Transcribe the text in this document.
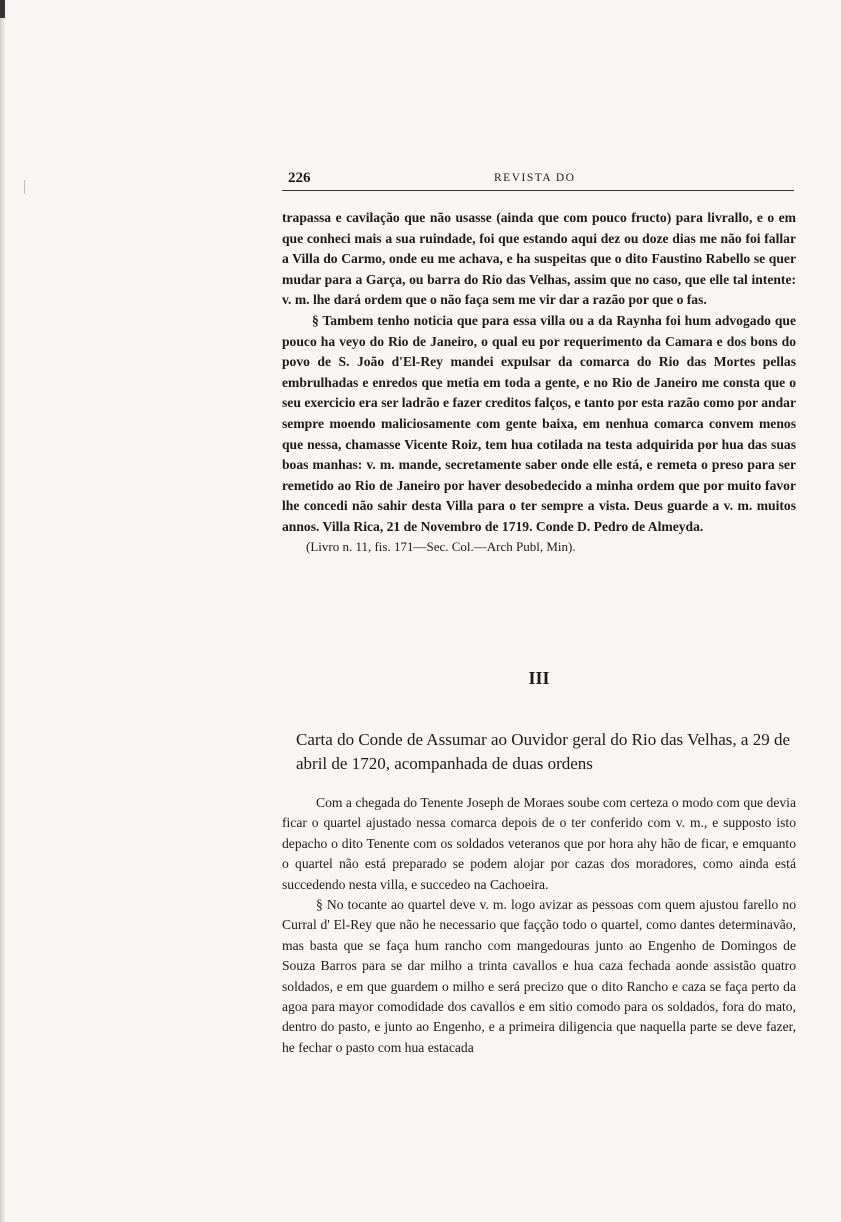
226	REVISTA DO

trapassa e cavilação que não usasse (ainda que com pouco fructo) para livrallo, e o em que conheci mais a sua ruindade, foi que estando aqui dez ou doze dias me não foi fallar a Villa do Carmo, onde eu me achava, e ha suspeitas que o dito Faustino Rabello se quer mudar para a Garça, ou barra do Rio das Velhas, assim que no caso, que elle tal intente: v. m. lhe dará ordem que o não faça sem me vir dar a razão por que o fas.

§ Tambem tenho noticia que para essa villa ou a da Raynha foi hum advogado que pouco ha veyo do Rio de Janeiro, o qual eu por requerimento da Camara e dos bons do povo de S. João d'El-Rey mandei expulsar da comarca do Rio das Mortes pellas embrulhadas e enredos que metia em toda a gente, e no Rio de Janeiro me consta que o seu exercicio era ser ladrão e fazer creditos falços, e tanto por esta razão como por andar sempre moendo maliciosamente com gente baixa, em nenhua comarca convem menos que nessa, chamasse Vicente Roiz, tem hua cotilada na testa adquirida por hua das suas boas manhas: v. m. mande, secretamente saber onde elle está, e remeta o preso para ser remetido ao Rio de Janeiro por haver desobedecido a minha ordem que por muito favor lhe concedi não sahir desta Villa para o ter sempre a vista. Deus guarde a v. m. muitos annos. Villa Rica, 21 de Novembro de 1719. Conde D. Pedro de Almeyda.

(Livro n. 11, fis. 171—Sec. Col.—Arch Publ, Min).

III
Carta do Conde de Assumar ao Ouvidor geral do Rio das Velhas, a 29 de abril de 1720, acompanhada de duas ordens

Com a chegada do Tenente Joseph de Moraes soube com certeza o modo com que devia ficar o quartel ajustado nessa comarca depois de o ter conferido com v. m., e supposto isto depacho o dito Tenente com os soldados veteranos que por hora ahy hão de ficar, e emquanto o quartel não está preparado se podem alojar por cazas dos moradores, como ainda está succedendo nesta villa, e succedeo na Cachoeira.

§ No tocante ao quartel deve v. m. logo avizar as pessoas com quem ajustou farello no Curral d' El-Rey que não he necessario que façção todo o quartel, como dantes determinavão, mas basta que se faça hum rancho com mangedouras junto ao Engenho de Domingos de Souza Barros para se dar milho a trinta cavallos e hua caza fechada aonde assistão quatro soldados, e em que guardem o milho e será precizo que o dito Rancho e caza se faça perto da agoa para mayor comodidade dos cavallos e em sitio comodo para os soldados, fora do mato, dentro do pasto, e junto ao Engenho, e a primeira diligencia que naquella parte se deve fazer, he fechar o pasto com hua estacada
